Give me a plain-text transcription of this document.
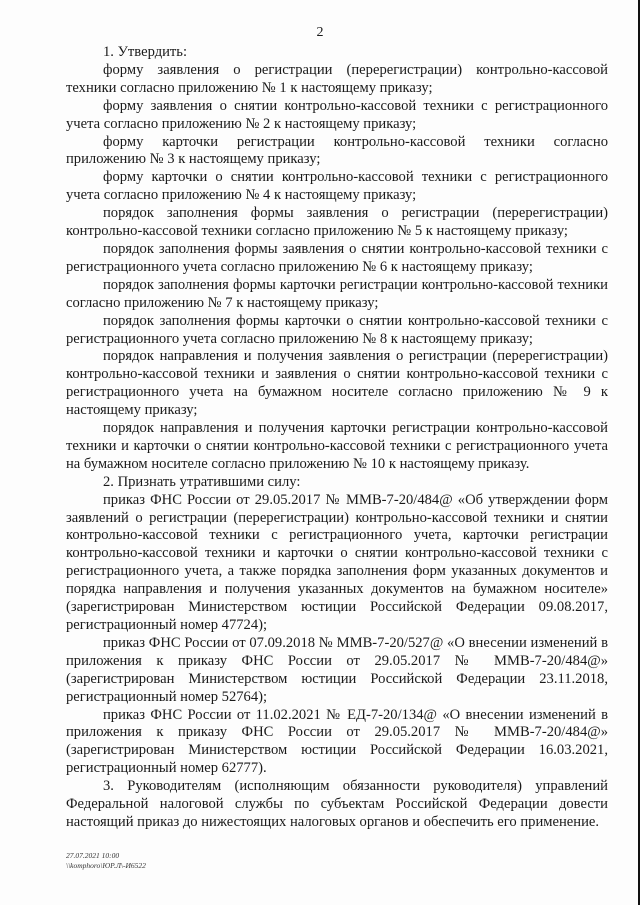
2

1. Утвердить:

форму заявления о регистрации (перерегистрации) контрольно-кассовой техники согласно приложению № 1 к настоящему приказу;

форму заявления о снятии контрольно-кассовой техники с регистрационного учета согласно приложению № 2 к настоящему приказу;

форму карточки регистрации контрольно-кассовой техники согласно приложению № 3 к настоящему приказу;

форму карточки о снятии контрольно-кассовой техники с регистрационного учета согласно приложению № 4 к настоящему приказу;

порядок заполнения формы заявления о регистрации (перерегистрации) контрольно-кассовой техники согласно приложению № 5 к настоящему приказу;

порядок заполнения формы заявления о снятии контрольно-кассовой техники с регистрационного учета согласно приложению № 6 к настоящему приказу;

порядок заполнения формы карточки регистрации контрольно-кассовой техники согласно приложению № 7 к настоящему приказу;

порядок заполнения формы карточки о снятии контрольно-кассовой техники с регистрационного учета согласно приложению № 8 к настоящему приказу;

порядок направления и получения заявления о регистрации (перерегистрации) контрольно-кассовой техники и заявления о снятии контрольно-кассовой техники с регистрационного учета на бумажном носителе согласно приложению № 9 к настоящему приказу;

порядок направления и получения карточки регистрации контрольно-кассовой техники и карточки о снятии контрольно-кассовой техники с регистрационного учета на бумажном носителе согласно приложению № 10 к настоящему приказу.

2. Признать утратившими силу:

приказ ФНС России от 29.05.2017 № ММВ-7-20/484@ «Об утверждении форм заявлений о регистрации (перерегистрации) контрольно-кассовой техники и снятии контрольно-кассовой техники с регистрационного учета, карточки регистрации контрольно-кассовой техники и карточки о снятии контрольно-кассовой техники с регистрационного учета, а также порядка заполнения форм указанных документов и порядка направления и получения указанных документов на бумажном носителе» (зарегистрирован Министерством юстиции Российской Федерации 09.08.2017, регистрационный номер 47724);

приказ ФНС России от 07.09.2018 № ММВ-7-20/527@ «О внесении изменений в приложения к приказу ФНС России от 29.05.2017 № ММВ-7-20/484@» (зарегистрирован Министерством юстиции Российской Федерации 23.11.2018, регистрационный номер 52764);

приказ ФНС России от 11.02.2021 № ЕД-7-20/134@ «О внесении изменений в приложения к приказу ФНС России от 29.05.2017 № ММВ-7-20/484@» (зарегистрирован Министерством юстиции Российской Федерации 16.03.2021, регистрационный номер 62777).

3. Руководителям (исполняющим обязанности руководителя) управлений Федеральной налоговой службы по субъектам Российской Федерации довести настоящий приказ до нижестоящих налоговых органов и обеспечить его применение.

27.07.2021 10:00
\\komphoro\ЮР.Л\-И6522
